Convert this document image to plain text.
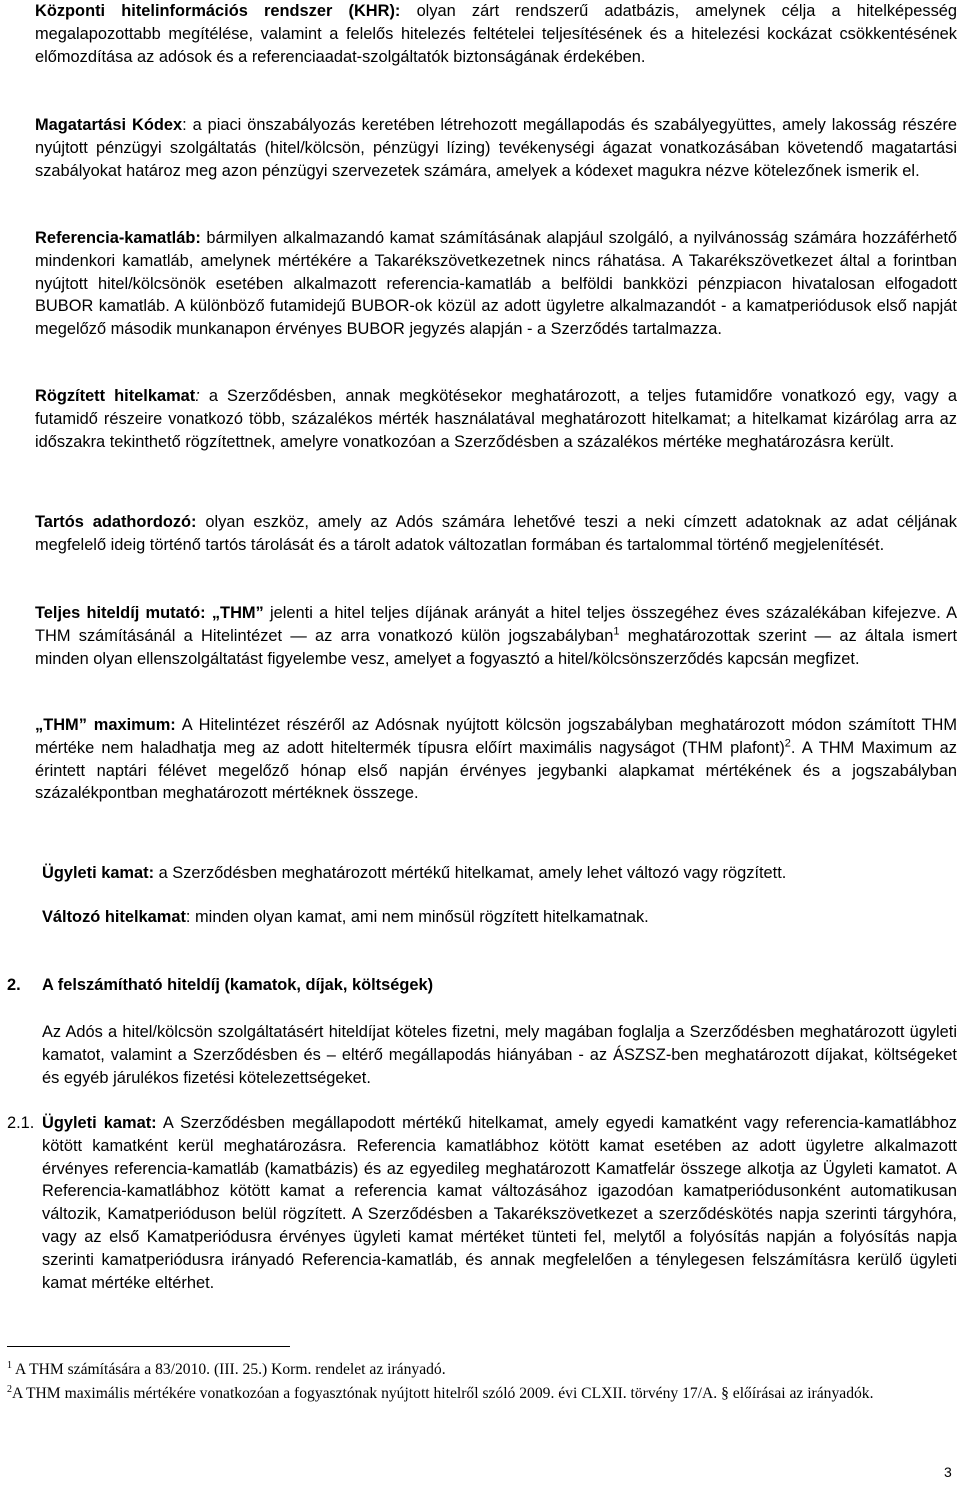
Központi hitelinformációs rendszer (KHR): olyan zárt rendszerű adatbázis, amelynek célja a hitelképesség megalapozottabb megítélése, valamint a felelős hitelezés feltételei teljesítésének és a hitelezési kockázat csökkentésének előmozdítása az adósok és a referenciaadat-szolgáltatók biztonságának érdekében.

Magatartási Kódex: a piaci önszabályozás keretében létrehozott megállapodás és szabályegyüttes, amely lakosság részére nyújtott pénzügyi szolgáltatás (hitel/kölcsön, pénzügyi lízing) tevékenységi ágazat vonatkozásában követendő magatartási szabályokat határoz meg azon pénzügyi szervezetek számára, amelyek a kódexet magukra nézve kötelezőnek ismerik el.

Referencia-kamatláb: bármilyen alkalmazandó kamat számításának alapjául szolgáló, a nyilvánosság számára hozzáférhető mindenkori kamatláb, amelynek mértékére a Takarékszövetkezetnek nincs ráhatása. A Takarékszövetkezet által a forintban nyújtott hitel/kölcsönök esetében alkalmazott referencia-kamatláb a belföldi bankközi pénzpiacon hivatalosan elfogadott BUBOR kamatláb. A különböző futamidejű BUBOR-ok közül az adott ügyletre alkalmazandót - a kamatperiódusok első napját megelőző második munkanapon érvényes BUBOR jegyzés alapján - a Szerződés tartalmazza.

Rögzített hitelkamat: a Szerződésben, annak megkötésekor meghatározott, a teljes futamidőre vonatkozó egy, vagy a futamidő részeire vonatkozó több, százalékos mérték használatával meghatározott hitelkamat; a hitelkamat kizárólag arra az időszakra tekinthető rögzítettnek, amelyre vonatkozóan a Szerződésben a százalékos mértéke meghatározásra került.

Tartós adathordozó: olyan eszköz, amely az Adós számára lehetővé teszi a neki címzett adatoknak az adat céljának megfelelő ideig történő tartós tárolását és a tárolt adatok változatlan formában és tartalommal történő megjelenítését.

Teljes hiteldíj mutató: „THM” jelenti a hitel teljes díjának arányát a hitel teljes összegéhez éves százalékában kifejezve. A THM számításánál a Hitelintézet — az arra vonatkozó külön jogszabályban$^1$ meghatározottak szerint — az általa ismert minden olyan ellenszolgáltatást figyelembe vesz, amelyet a fogyasztó a hitel/kölcsönszerződés kapcsán megfizet.

„THM” maximum: A Hitelintézet részéről az Adósnak nyújtott kölcsön jogszabályban meghatározott módon számított THM mértéke nem haladhatja meg az adott hiteltermék típusra előírt maximális nagyságot (THM plafont)$^2$. A THM Maximum az érintett naptári félévet megelőző hónap első napján érvényes jegybanki alapkamat mértékének és a jogszabályban százalékpontban meghatározott mértéknek összege.

Ügyleti kamat: a Szerződésben meghatározott mértékű hitelkamat, amely lehet változó vagy rögzített.

Változó hitelkamat: minden olyan kamat, ami nem minősül rögzített hitelkamatnak.

2. A felszámítható hiteldíj (kamatok, díjak, költségek)

Az Adós a hitel/kölcsön szolgáltatásért hiteldíjat köteles fizetni, mely magában foglalja a Szerződésben meghatározott ügyleti kamatot, valamint a Szerződésben és – eltérő megállapodás hiányában - az ÁSZSZ-ben meghatározott díjakat, költségeket és egyéb járulékos fizetési kötelezettségeket.

2.1. Ügyleti kamat: A Szerződésben megállapodott mértékű hitelkamat, amely egyedi kamatként vagy referencia-kamatlábhoz kötött kamatként kerül meghatározásra. Referencia kamatlábhoz kötött kamat esetében az adott ügyletre alkalmazott érvényes referencia-kamatláb (kamatbázis) és az egyedileg meghatározott Kamatfelár összege alkotja az Ügyleti kamatot. A Referencia-kamatlábhoz kötött kamat a referencia kamat változásához igazodóan kamatperiódusonként automatikusan változik, Kamatperióduson belül rögzített. A Szerződésben a Takarékszövetkezet a szerződéskötés napja szerinti tárgyhóra, vagy az első Kamatperiódusra érvényes ügyleti kamat mértéket tünteti fel, melytől a folyósítás napján a folyósítás napja szerinti kamatperiódusra irányadó Referencia-kamatláb, és annak megfelelően a ténylegesen felszámításra kerülő ügyleti kamat mértéke eltérhet.

$^1$ A THM számítására a 83/2010. (III. 25.) Korm. rendelet az irányadó.

$^2$A THM maximális mértékére vonatkozóan a fogyasztónak nyújtott hitelről szóló 2009. évi CLXII. törvény 17/A. § előírásai az irányadók.

3
